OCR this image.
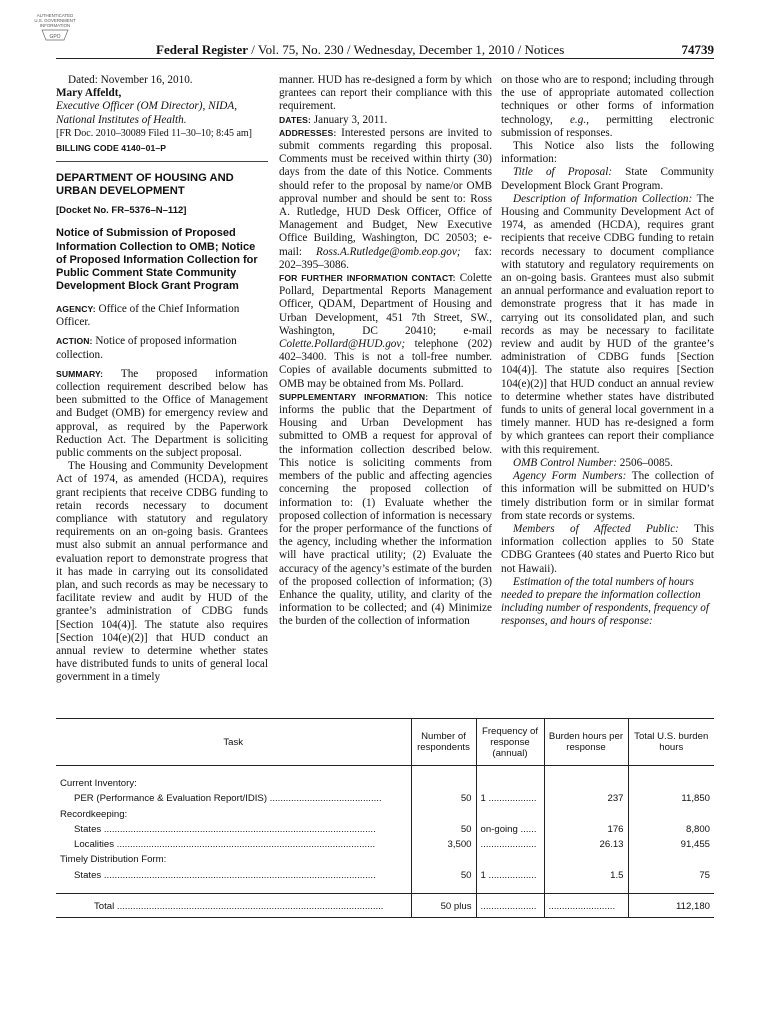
AUTHENTICATED
U.S. GOVERNMENT
INFORMATION
GPO
Federal Register / Vol. 75, No. 230 / Wednesday, December 1, 2010 / Notices	74739

Dated: November 16, 2010.

Mary Affeldt,

Executive Officer (OM Director), NIDA, National Institutes of Health.

[FR Doc. 2010–30089 Filed 11–30–10; 8:45 am]

BILLING CODE 4140–01–P

DEPARTMENT OF HOUSING AND URBAN DEVELOPMENT
[Docket No. FR–5376–N–112]
Notice of Submission of Proposed Information Collection to OMB; Notice of Proposed Information Collection for Public Comment State Community Development Block Grant Program

AGENCY: Office of the Chief Information Officer.

ACTION: Notice of proposed information collection.

SUMMARY: The proposed information collection requirement described below has been submitted to the Office of Management and Budget (OMB) for emergency review and approval, as required by the Paperwork Reduction Act. The Department is soliciting public comments on the subject proposal.

The Housing and Community Development Act of 1974, as amended (HCDA), requires grant recipients that receive CDBG funding to retain records necessary to document compliance with statutory and regulatory requirements on an on-going basis. Grantees must also submit an annual performance and evaluation report to demonstrate progress that it has made in carrying out its consolidated plan, and such records as may be necessary to facilitate review and audit by HUD of the grantee’s administration of CDBG funds [Section 104(4)]. The statute also requires [Section 104(e)(2)] that HUD conduct an annual review to determine whether states have distributed funds to units of general local government in a timely

manner. HUD has re-designed a form by which grantees can report their compliance with this requirement.

DATES: January 3, 2011.

ADDRESSES: Interested persons are invited to submit comments regarding this proposal. Comments must be received within thirty (30) days from the date of this Notice. Comments should refer to the proposal by name/or OMB approval number and should be sent to: Ross A. Rutledge, HUD Desk Officer, Office of Management and Budget, New Executive Office Building, Washington, DC 20503; e-mail: Ross.A.Rutledge@omb.eop.gov; fax: 202–395–3086.

FOR FURTHER INFORMATION CONTACT: Colette Pollard, Departmental Reports Management Officer, QDAM, Department of Housing and Urban Development, 451 7th Street, SW., Washington, DC 20410; e-mail Colette.Pollard@HUD.gov; telephone (202) 402–3400. This is not a toll-free number. Copies of available documents submitted to OMB may be obtained from Ms. Pollard.

SUPPLEMENTARY INFORMATION: This notice informs the public that the Department of Housing and Urban Development has submitted to OMB a request for approval of the information collection described below. This notice is soliciting comments from members of the public and affecting agencies concerning the proposed collection of information to: (1) Evaluate whether the proposed collection of information is necessary for the proper performance of the functions of the agency, including whether the information will have practical utility; (2) Evaluate the accuracy of the agency’s estimate of the burden of the proposed collection of information; (3) Enhance the quality, utility, and clarity of the information to be collected; and (4) Minimize the burden of the collection of information

on those who are to respond; including through the use of appropriate automated collection techniques or other forms of information technology, e.g., permitting electronic submission of responses.

This Notice also lists the following information:

Title of Proposal: State Community Development Block Grant Program.

Description of Information Collection: The Housing and Community Development Act of 1974, as amended (HCDA), requires grant recipients that receive CDBG funding to retain records necessary to document compliance with statutory and regulatory requirements on an on-going basis. Grantees must also submit an annual performance and evaluation report to demonstrate progress that it has made in carrying out its consolidated plan, and such records as may be necessary to facilitate review and audit by HUD of the grantee’s administration of CDBG funds [Section 104(4)]. The statute also requires [Section 104(e)(2)] that HUD conduct an annual review to determine whether states have distributed funds to units of general local government in a timely manner. HUD has re-designed a form by which grantees can report their compliance with this requirement.

OMB Control Number: 2506–0085.

Agency Form Numbers: The collection of this information will be submitted on HUD’s timely distribution form or in similar format from state records or systems.

Members of Affected Public: This information collection applies to 50 State CDBG Grantees (40 states and Puerto Rico but not Hawaii).

Estimation of the total numbers of hours needed to prepare the information collection including number of respondents, frequency of responses, and hours of response:

Task	Number of respondents	Frequency of response (annual)	Burden hours per response	Total U.S. burden hours

Current Inventory:				
PER (Performance & Evaluation Report/IDIS) ..........................................	50	1 ..................	237	11,850
Recordkeeping:				
States ......................................................................................................	50	on-going ......	176	8,800
Localities .................................................................................................	3,500	.....................	26.13	91,455
Timely Distribution Form:				
States ......................................................................................................	50	1 ..................	1.5	75

Total ....................................................................................................	50 plus	.....................	.........................	112,180
